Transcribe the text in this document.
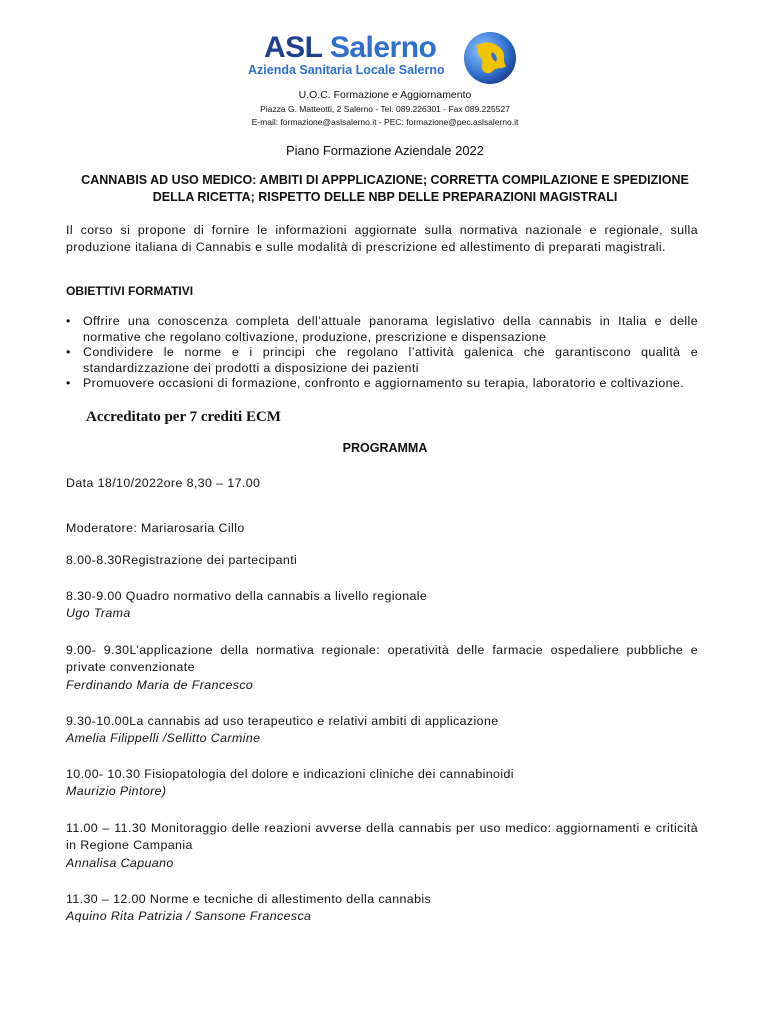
ASL Salerno
Azienda Sanitaria Locale Salerno
U.O.C. Formazione e Aggiornamento
Piazza G. Matteotti, 2 Salerno - Tel. 089.226301 - Fax 089.225527
E-mail: formazione@aslsalerno.it - PEC: formazione@pec.aslsalerno.it
Piano Formazione Aziendale 2022
CANNABIS AD USO MEDICO: AMBITI DI APPPLICAZIONE; CORRETTA COMPILAZIONE E SPEDIZIONE DELLA RICETTA; RISPETTO DELLE NBP DELLE PREPARAZIONI MAGISTRALI
Il corso si propone di fornire le informazioni aggiornate sulla normativa nazionale e regionale, sulla produzione italiana di Cannabis e sulle modalità di prescrizione ed allestimento di preparati magistrali.
OBIETTIVI FORMATIVI
• Offrire una conoscenza completa dell’attuale panorama legislativo della cannabis in Italia e delle normative che regolano coltivazione, produzione, prescrizione e dispensazione
• Condividere le norme e i principi che regolano l’attività galenica che garantiscono qualità e standardizzazione dei prodotti a disposizione dei pazienti
• Promuovere occasioni di formazione, confronto e aggiornamento su terapia, laboratorio e coltivazione.
Accreditato per 7 crediti ECM
PROGRAMMA
Data 18/10/2022ore 8,30 – 17.00
Moderatore: Mariarosaria Cillo
8.00-8.30Registrazione dei partecipanti
8.30-9.00 Quadro normativo della cannabis a livello regionale
Ugo Trama
9.00- 9.30L’applicazione della normativa regionale: operatività delle farmacie ospedaliere pubbliche e private convenzionate
Ferdinando Maria de Francesco
9.30-10.00La cannabis ad uso terapeutico e relativi ambiti di applicazione
Amelia Filippelli /Sellitto Carmine
10.00- 10.30 Fisiopatologia del dolore e indicazioni cliniche dei cannabinoidi
Maurizio Pintore)
11.00 – 11.30 Monitoraggio delle reazioni avverse della cannabis per uso medico: aggiornamenti e criticità in Regione Campania
Annalisa Capuano
11.30 – 12.00 Norme e tecniche di allestimento della cannabis
Aquino Rita Patrizia / Sansone Francesca
